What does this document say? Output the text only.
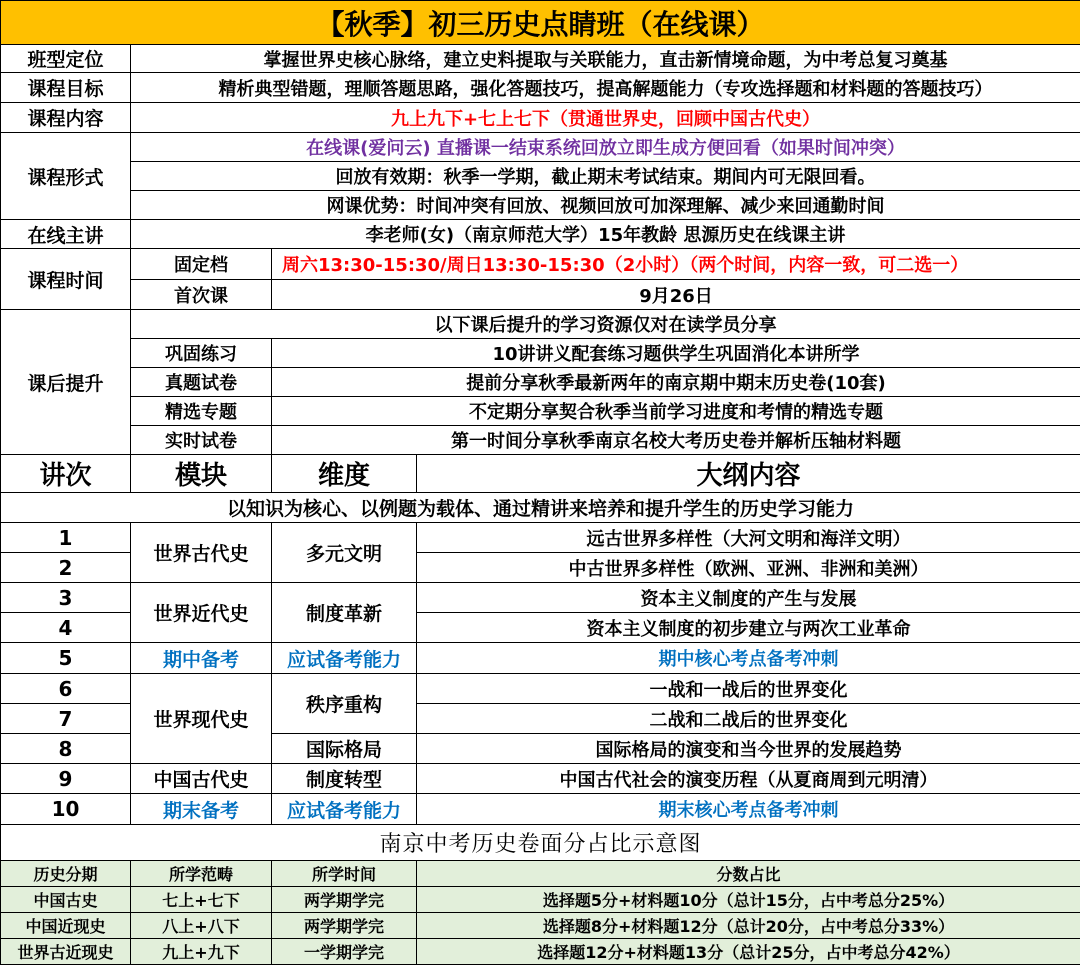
【秋季】初三历史点睛班（在线课）			
班型定位	掌握世界史核心脉络，建立史料提取与关联能力，直击新情境命题，为中考总复习奠基		
课程目标	精析典型错题，理顺答题思路，强化答题技巧，提高解题能力（专攻选择题和材料题的答题技巧）		
课程内容	九上九下+七上七下（贯通世界史，回顾中国古代史）		
课程形式	在线课(爱问云) 直播课一结束系统回放立即生成方便回看（如果时间冲突）		
	回放有效期：秋季一学期，截止期末考试结束。期间内可无限回看。		
	网课优势：时间冲突有回放、视频回放可加深理解、减少来回通勤时间		
在线主讲	李老师(女)（南京师范大学）15年教龄 思源历史在线课主讲		
课程时间	固定档	周六13:30-15:30/周日13:30-15:30（2小时）（两个时间，内容一致，可二选一）	
	首次课	9月26日	
课后提升	以下课后提升的学习资源仅对在读学员分享		
	巩固练习	10讲讲义配套练习题供学生巩固消化本讲所学	
	真题试卷	提前分享秋季最新两年的南京期中期末历史卷(10套)	
	精选专题	不定期分享契合秋季当前学习进度和考情的精选专题	
	实时试卷	第一时间分享秋季南京名校大考历史卷并解析压轴材料题	
讲次	模块	维度	大纲内容
以知识为核心、以例题为载体、通过精讲来培养和提升学生的历史学习能力			
1	世界古代史	多元文明	远古世界多样性（大河文明和海洋文明）
2			中古世界多样性（欧洲、亚洲、非洲和美洲）
3	世界近代史	制度革新	资本主义制度的产生与发展
4			资本主义制度的初步建立与两次工业革命
5	期中备考	应试备考能力	期中核心考点备考冲刺
6	世界现代史	秩序重构	一战和一战后的世界变化
7			二战和二战后的世界变化
8		国际格局	国际格局的演变和当今世界的发展趋势
9	中国古代史	制度转型	中国古代社会的演变历程（从夏商周到元明清）
10	期末备考	应试备考能力	期末核心考点备考冲刺
南京中考历史卷面分占比示意图			
历史分期	所学范畴	所学时间	分数占比
中国古史	七上+七下	两学期学完	选择题5分+材料题10分（总计15分，占中考总分25%）
中国近现史	八上+八下	两学期学完	选择题8分+材料题12分（总计20分，占中考总分33%）
世界古近现史	九上+九下	一学期学完	选择题12分+材料题13分（总计25分，占中考总分42%）
